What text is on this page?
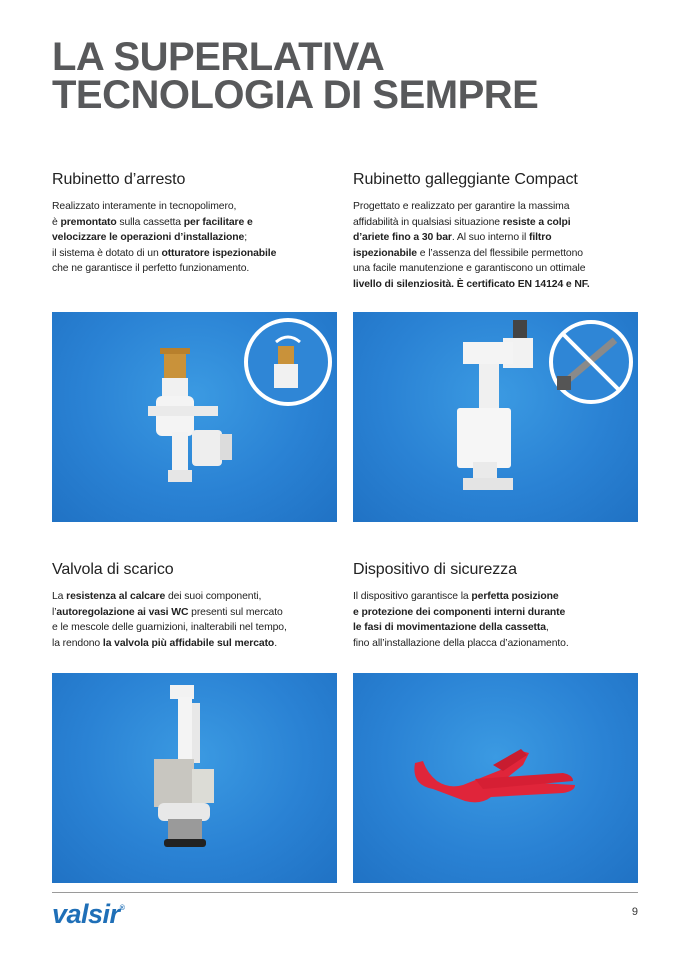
LA SUPERLATIVA
TECNOLOGIA DI SEMPRE
Rubinetto d’arresto

Realizzato interamente in tecnopolimero,
è premontato sulla cassetta per facilitare e
velocizzare le operazioni d’installazione;
il sistema è dotato di un otturatore ispezionabile
che ne garantisce il perfetto funzionamento.

Rubinetto galleggiante Compact

Progettato e realizzato per garantire la massima
affidabilità in qualsiasi situazione resiste a colpi
d’ariete fino a 30 bar. Al suo interno il filtro
ispezionabile e l’assenza del flessibile permettono
una facile manutenzione e garantiscono un ottimale
livello di silenziosità. È certificato EN 14124 e NF.

Valvola di scarico

La resistenza al calcare dei suoi componenti,
l’autoregolazione ai vasi WC presenti sul mercato
e le mescole delle guarnizioni, inalterabili nel tempo,
la rendono la valvola più affidabile sul mercato.

Dispositivo di sicurezza

Il dispositivo garantisce la perfetta posizione
e protezione dei componenti interni durante
le fasi di movimentazione della cassetta,
fino all’installazione della placca d’azionamento.

valsir®	9
